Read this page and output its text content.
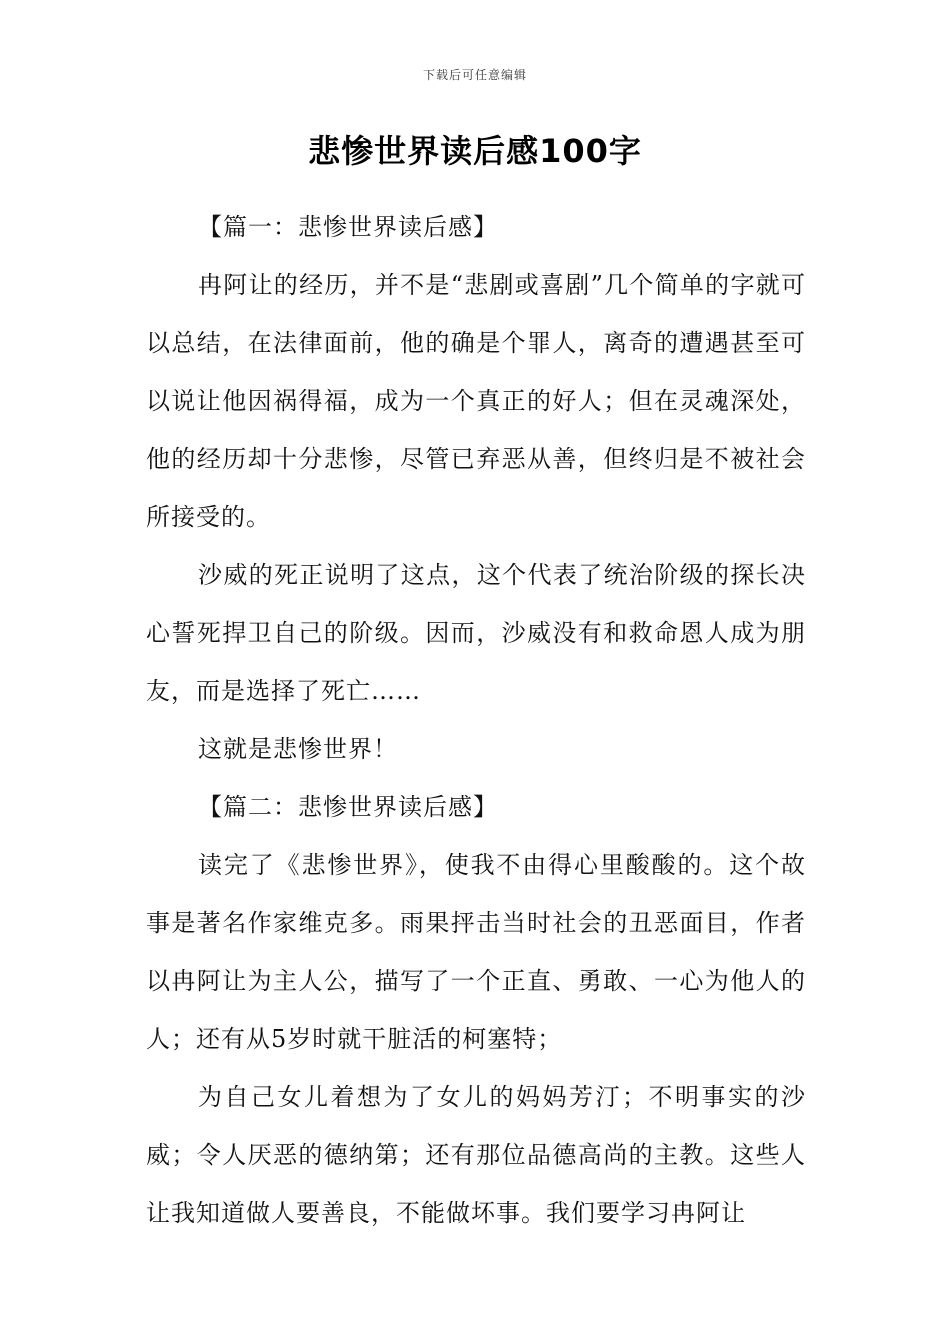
下载后可任意编辑
悲惨世界读后感100字

【篇一：悲惨世界读后感】

冉阿让的经历，并不是“悲剧或喜剧”几个简单的字就可以总结，在法律面前，他的确是个罪人，离奇的遭遇甚至可以说让他因祸得福，成为一个真正的好人；但在灵魂深处，他的经历却十分悲惨，尽管已弃恶从善，但终归是不被社会所接受的。

沙威的死正说明了这点，这个代表了统治阶级的探长决心誓死捍卫自己的阶级。因而，沙威没有和救命恩人成为朋友，而是选择了死亡……

这就是悲惨世界！

【篇二：悲惨世界读后感】

读完了《悲惨世界》，使我不由得心里酸酸的。这个故事是著名作家维克多。雨果抨击当时社会的丑恶面目，作者以冉阿让为主人公，描写了一个正直、勇敢、一心为他人的人；还有从5岁时就干脏活的柯塞特；

为自己女儿着想为了女儿的妈妈芳汀；不明事实的沙威；令人厌恶的德纳第；还有那位品德高尚的主教。这些人让我知道做人要善良，不能做坏事。我们要学习冉阿让
